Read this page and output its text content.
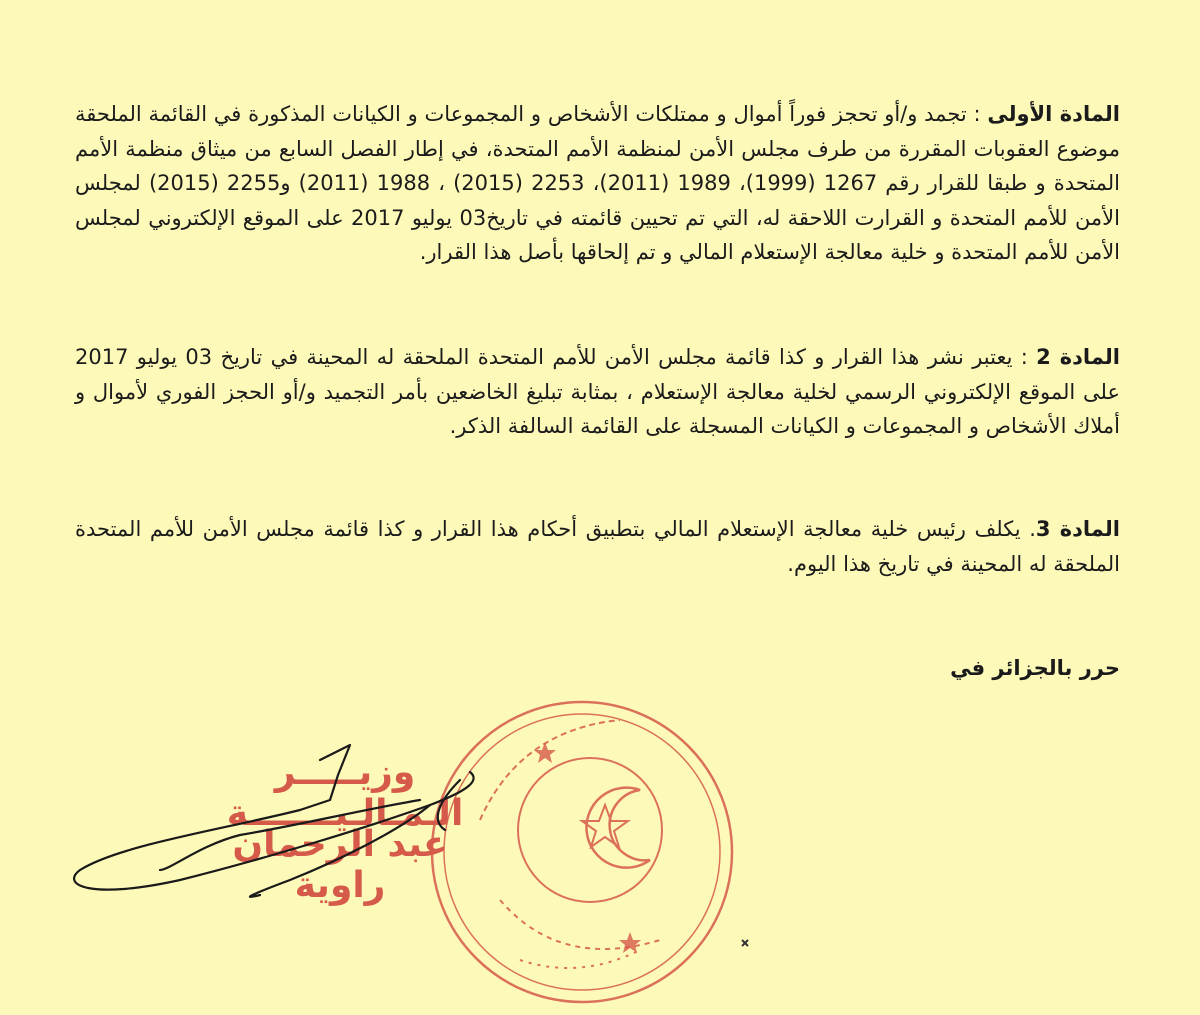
المادة الأولى : تجمد و/أو تحجز فوراً أموال و ممتلكات الأشخاص و المجموعات و الكيانات المذكورة في القائمة الملحقة موضوع العقوبات المقررة من طرف مجلس الأمن لمنظمة الأمم المتحدة، في إطار الفصل السابع من ميثاق منظمة الأمم المتحدة و طبقا للقرار رقم 1267 (1999)، 1989 (2011)، 2253 (2015) ، 1988 (2011) و2255 (2015) لمجلس الأمن للأمم المتحدة و القرارت اللاحقة له، التي تم تحيين قائمته في تاريخ03 يوليو 2017 على الموقع الإلكتروني لمجلس الأمن للأمم المتحدة و خلية معالجة الإستعلام المالي و تم إلحاقها بأصل هذا القرار.

المادة 2 : يعتبر نشر هذا القرار و كذا قائمة مجلس الأمن للأمم المتحدة الملحقة له المحينة في تاريخ 03 يوليو 2017 على الموقع الإلكتروني الرسمي لخلية معالجة الإستعلام ، بمثابة تبليغ الخاضعين بأمر التجميد و/أو الحجز الفوري لأموال و أملاك الأشخاص و المجموعات و الكيانات المسجلة على القائمة السالفة الذكر.

المادة 3. يكلف رئيس خلية معالجة الإستعلام المالي بتطبيق أحكام هذا القرار و كذا قائمة مجلس الأمن للأمم المتحدة الملحقة له المحينة في تاريخ هذا اليوم.

حرر بالجزائر في
وزيـــــر الـمـالـيـــــــة
عبد الرحمان راوية
